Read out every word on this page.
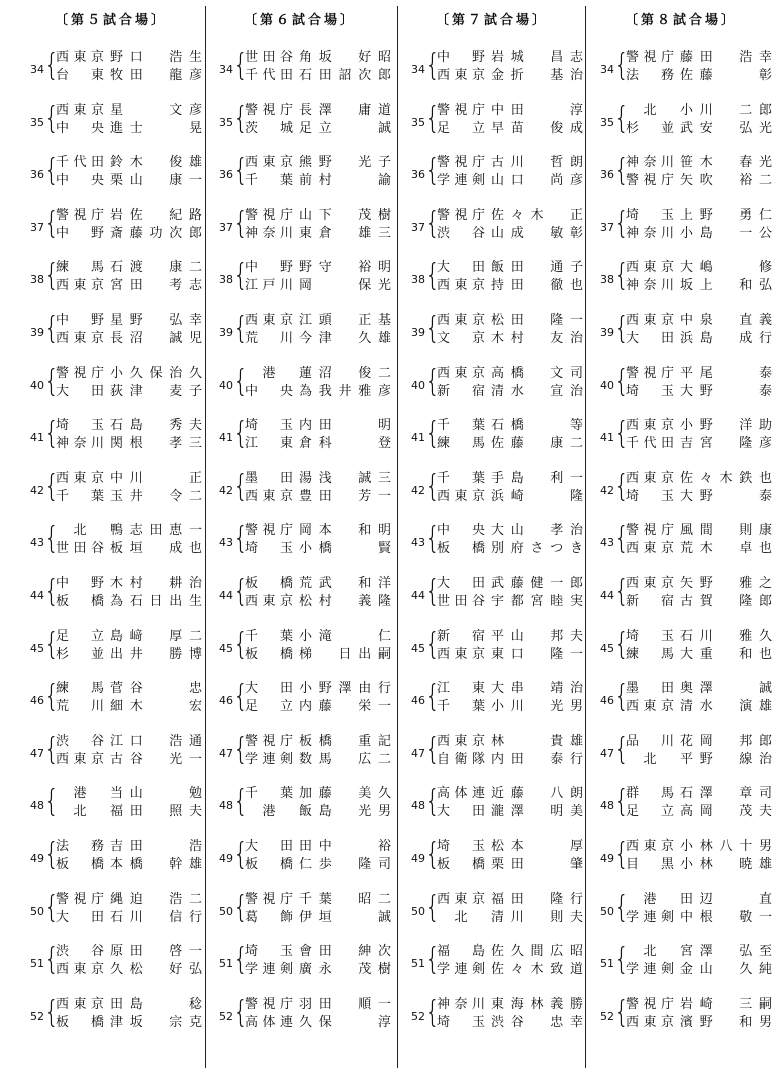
〔第５試合場〕
34 {
西東京 野口　浩生
台　東 牧田　龍彦
35 {
西東京 星　　文彦
中　央 進士　　晃
36 {
千代田 鈴木　俊雄
中　央 栗山　康一
37 {
警視庁 岩佐　紀路
中　野 斎藤功次郎
38 {
練　馬 石渡　康二
西東京 宮田　考志
39 {
中　野 星野　弘幸
西東京 長沼　誠児
40 {
警視庁 小久保治久
大　田 荻津　麦子
41 {
埼　玉 石島　秀夫
神奈川 関根　孝三
42 {
西東京 中川　　正
千　葉 玉井　令二
43 {	北	鴨志田恵一
世田谷 板垣　成也
44 {
中　野 木村　耕治
板　橋 為石日出生
45 {
足　立 島﨑　厚二
杉　並 出井　勝博
46 {
練　馬 菅谷　　忠
荒　川 細木　　宏
47 {
渋　谷 江口　浩通
西東京 古谷　光一
48 {	港	当山　　勉
北	福田　照夫
49 {
法　務 吉田　　浩
板　橋 本橋　幹雄
50 {
警視庁 縄迫　浩二
大　田 石川　信行
51 {
渋　谷 原田　啓一
西東京 久松　好弘
52 {
西東京 田島　　稔
板　橋 津坂　宗克
〔第６試合場〕
34 {
世田谷 角坂　好昭
千代田 石田詔次郎
35 {
警視庁 長澤　庸道
茨　城 足立　　誠
36 {
西東京 熊野　光子
千　葉 前村　　諭
37 {
警視庁 山下　茂樹
神奈川 東倉　雄三
38 {
中　野 野守　裕明
江戸川 岡　　保光
39 {
西東京 江頭　正基
荒　川 今津　久雄
40 {	港	蓮沼　俊二
中　央 為我井雅彦
41 {
埼　玉 内田　　明
江　東 倉科　　登
42 {
墨　田 湯浅　誠三
西東京 豊田　芳一
43 {
警視庁 岡本　和明
埼　玉 小橋　　賢
44 {
板　橋 荒武　和洋
西東京 松村　義隆
45 {
千　葉 小滝　　仁
板　橋 梯　日出嗣
46 {
大　田 小野澤由行
足　立 内藤　栄一
47 {
警視庁 板橋　重記
学連剣 数馬　広二
48 {
千　葉 加藤　美久
港	飯島　光男
49 {
大　田 田中　　裕
板　橋 仁歩　隆司
50 {
警視庁 千葉　昭二
葛　飾 伊垣　　誠
51 {
埼　玉 會田　紳次
学連剣 廣永　茂樹
52 {
警視庁 羽田　順一
高体連 久保　　淳
〔第７試合場〕
34 {
中　野 岩城　昌志
西東京 金折　基治
35 {
警視庁 中田　　淳
足　立 早苗　俊成
36 {
警視庁 古川　哲朗
学連剣 山口　尚彦
37 {
警視庁 佐々木　正
渋　谷 山成　敏彰
38 {
大　田 飯田　通子
西東京 持田　徹也
39 {
西東京 松田　隆一
文　京 木村　友治
40 {
西東京 高橋　文司
新　宿 清水　宣治
41 {
千　葉 石橋　　等
練　馬 佐藤　康二
42 {
千　葉 手島　利一
西東京 浜崎　　隆
43 {
中　央 大山　孝治
板　橋 別府さつき
44 {
大　田 武藤健一郎
世田谷 宇都宮睦実
45 {
新　宿 平山　邦夫
西東京 東口　隆一
46 {
江　東 大串　靖治
千　葉 小川　光男
47 {
西東京 林　　貴雄
自衛隊 内田　泰行
48 {
高体連 近藤　八朗
大　田 瀧澤　明美
49 {
埼　玉 松本　　厚
板　橋 栗田　　肇
50 {
西東京 福田　隆行
北	清川　則夫
51 {
福　島 佐久間広昭
学連剣 佐々木致道
52 {
神奈川 東海林義勝
埼　玉 渋谷　忠幸
〔第８試合場〕
34 {
警視庁 藤田　浩幸
法　務 佐藤　　彰
35 {	北	小川　二郎
杉　並 武安　弘光
36 {
神奈川 笹木　春光
警視庁 矢吹　裕二
37 {
埼　玉 上野　勇仁
神奈川 小島　一公
38 {
西東京 大嶋　　修
神奈川 坂上　和弘
39 {
西東京 中泉　直義
大　田 浜島　成行
40 {
警視庁 平尾　　泰
埼　玉 大野　　泰
41 {
西東京 小野　洋助
千代田 吉宮　隆彦
42 {
西東京 佐々木鉄也
埼　玉 大野　　泰
43 {
警視庁 風間　則康
西東京 荒木　卓也
44 {
西東京 矢野　雅之
新　宿 古賀　隆郎
45 {
埼　玉 石川　雅久
練　馬 大重　和也
46 {
墨　田 奥澤　　誠
西東京 清水　演雄
47 {
品　川 花岡　邦郎
北	平野　線治
48 {
群　馬 石澤　章司
足　立 高岡　茂夫
49 {
西東京 小林八十男
目　黒 小林　暁雄
50 {	港	田辺　　直
学連剣 中根　敬一
51 {	北	宮澤　弘至
学連剣 金山　久純
52 {
警視庁 岩崎　三嗣
西東京 濱野　和男
